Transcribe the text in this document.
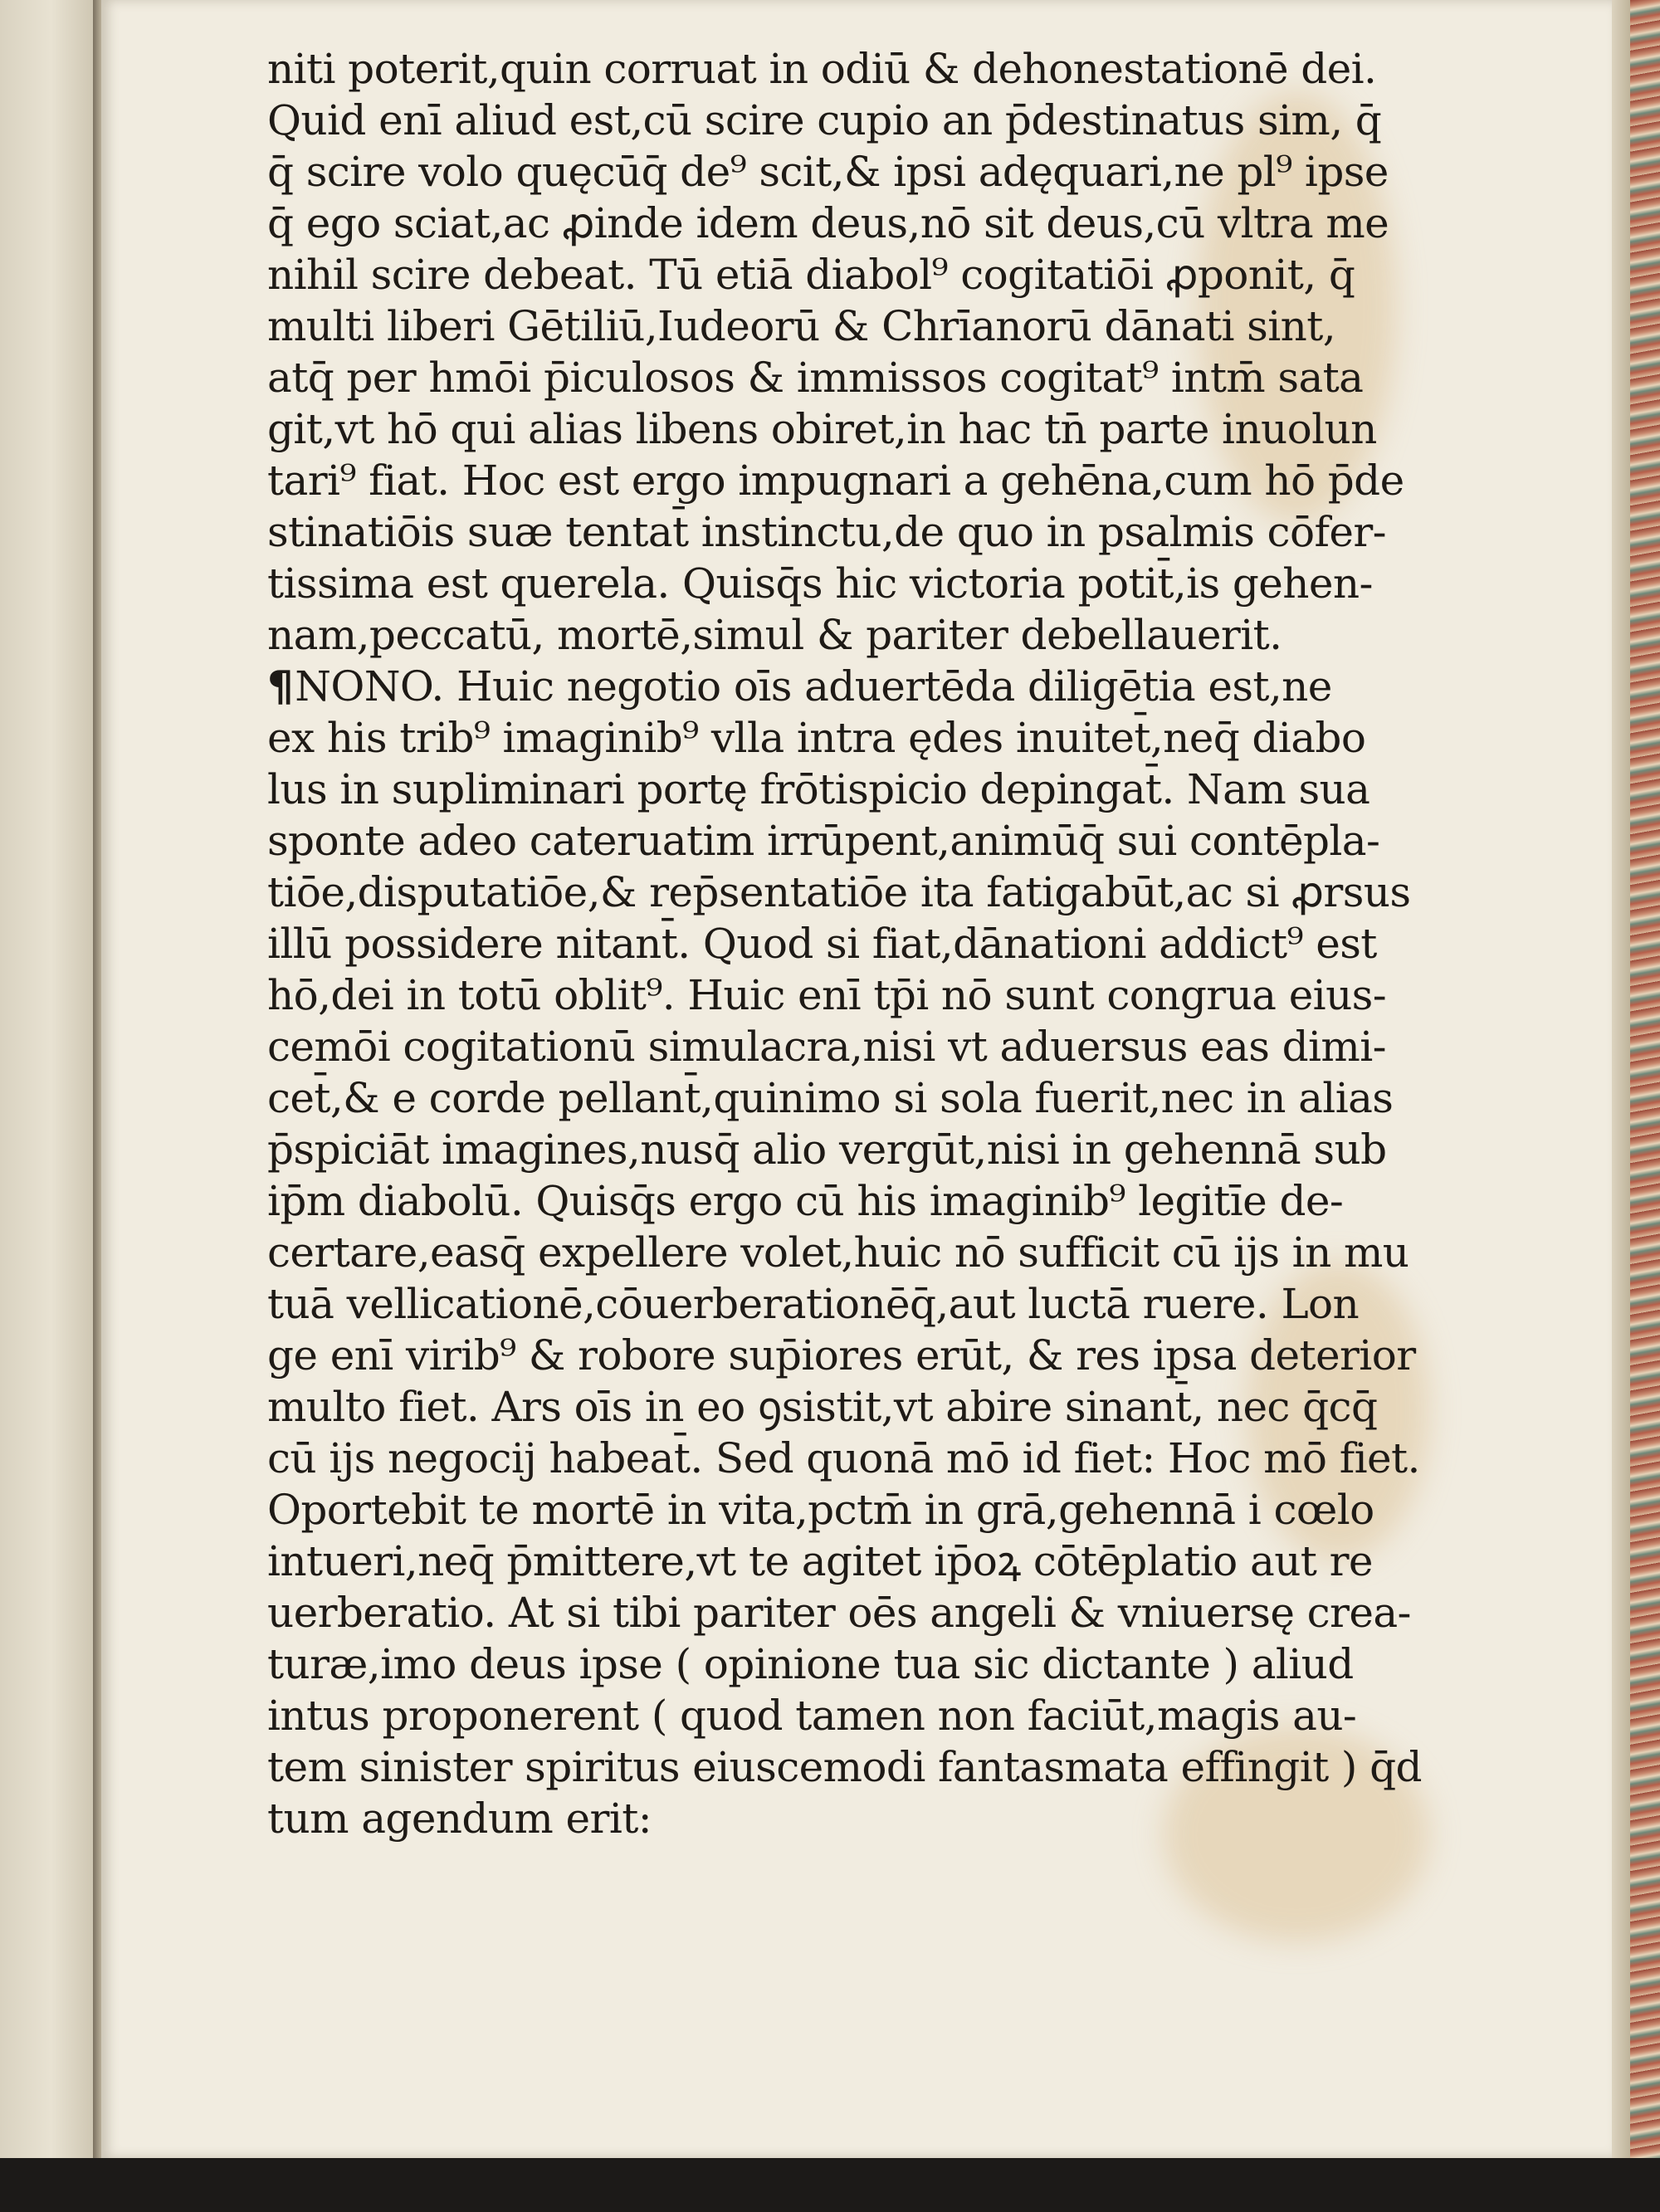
niti poterit,quin corruat in odiū & dehonestationē dei.
Quid enī aliud est,cū scire cupio an p̄destinatus sim, q̄
q̄ scire volo quęcūq̄ de⁹ scit,& ipsi adęquari,ne pl⁹ ipse
q̄ ego sciat,ac ꝓinde idem deus,nō sit deus,cū vltra me
nihil scire debeat. Tū etiā diabol⁹ cogitatiōi ꝓponit, q̄
multi liberi Gētiliū,Iudeorū & Chrīanorū dānati sint,
atq̄ per hmōi p̄iculosos & immissos cogitat⁹ intm̄ sata
git,vt hō qui alias libens obiret,in hac tn̄ parte inuolun
tari⁹ fiat. Hoc est ergo impugnari a gehēna,cum hō p̄de
stinatiōis suæ tentat̄ instinctu,de quo in psalmis cōfer-
tissima est querela. Quisq̄s hic victoria potit̄,is gehen-
nam,peccatū, mortē,simul & pariter debellauerit.
¶NONO. Huic negotio oīs aduertēda diligētia est,ne
ex his trib⁹ imaginib⁹ vlla intra ędes inuitet̄,neq̄ diabo
lus in supliminari portę frōtispicio depingat̄. Nam sua
sponte adeo cateruatim irrūpent,animūq̄ sui contēpla-
tiōe,disputatiōe,& rep̄sentatiōe ita fatigabūt,ac si ꝓrsus
illū possidere nitant̄. Quod si fiat,dānationi addict⁹ est
hō,dei in totū oblit⁹. Huic enī tp̄i nō sunt congrua eius-
cemōi cogitationū simulacra,nisi vt aduersus eas dimi-
cet̄,& e corde pellant̄,quinimo si sola fuerit,nec in alias
p̄spiciāt imagines,nusq̄ alio vergūt,nisi in gehennā sub
ip̄m diabolū. Quisq̄s ergo cū his imaginib⁹ legitīe de-
certare,easq̄ expellere volet,huic nō sufficit cū ijs in mu
tuā vellicationē,cōuerberationēq̄,aut luctā ruere. Lon
ge enī virib⁹ & robore sup̄iores erūt, & res ipsa deterior
multo fiet. Ars oīs in eo ꝯsistit,vt abire sinant̄, nec q̄cq̄
cū ijs negocij habeat̄. Sed quonā mō id fiet: Hoc mō fiet.
Oportebit te mortē in vita,pctm̄ in grā,gehennā i cœlo
intueri,neq̄ p̄mittere,vt te agitet ip̄oꝝ cōtēplatio aut re
uerberatio. At si tibi pariter oēs angeli & vniuersę crea-
turæ,imo deus ipse ( opinione tua sic dictante ) aliud
intus proponerent ( quod tamen non faciūt,magis au-
tem sinister spiritus eiuscemodi fantasmata effingit ) q̄d
tum agendum erit:
